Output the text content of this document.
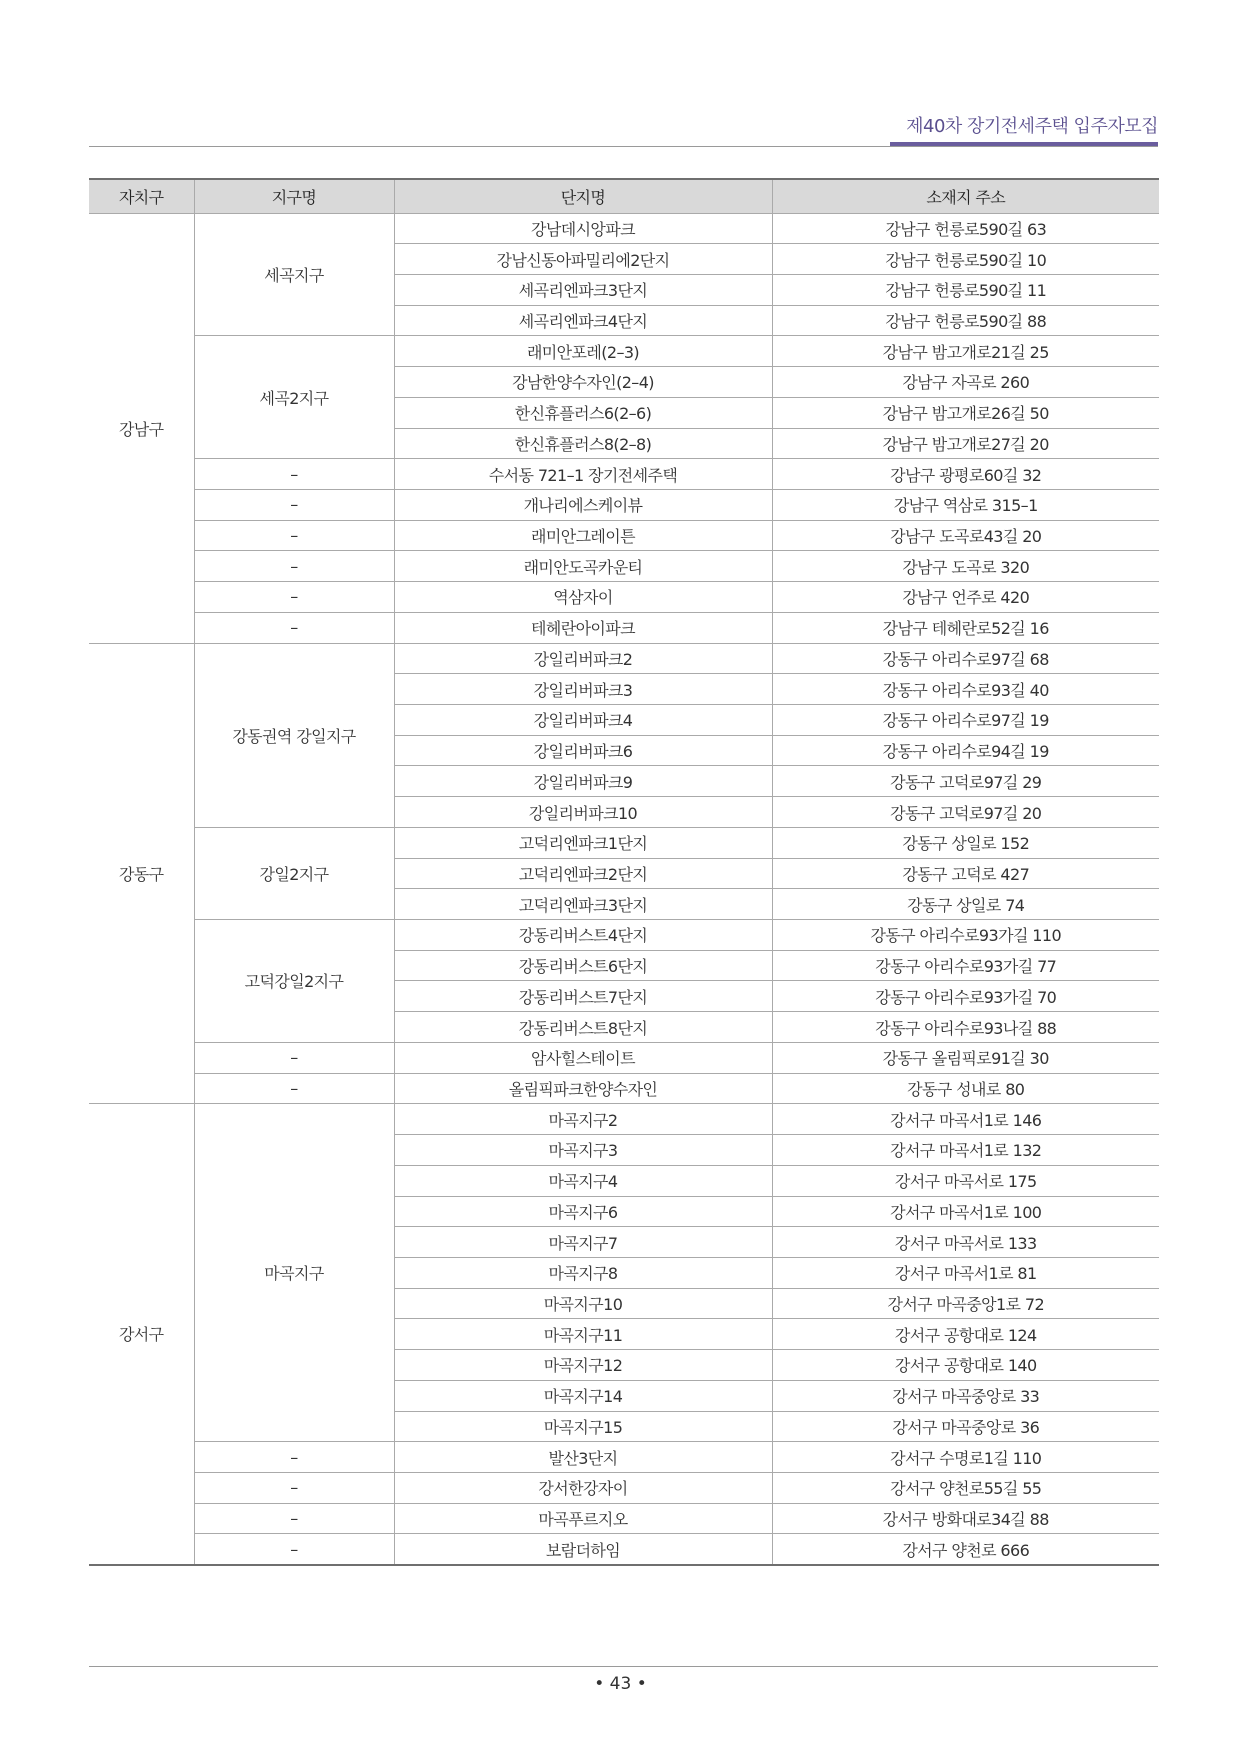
제40차 장기전세주택 입주자모집
자치구	지구명	단지명	소재지 주소
강남구	세곡지구	강남데시앙파크	강남구 헌릉로590길 63
		강남신동아파밀리에2단지	강남구 헌릉로590길 10
		세곡리엔파크3단지	강남구 헌릉로590길 11
		세곡리엔파크4단지	강남구 헌릉로590길 88
	세곡2지구	래미안포레(2–3)	강남구 밤고개로21길 25
		강남한양수자인(2–4)	강남구 자곡로 260
		한신휴플러스6(2–6)	강남구 밤고개로26길 50
		한신휴플러스8(2–8)	강남구 밤고개로27길 20
	–	수서동 721–1 장기전세주택	강남구 광평로60길 32
	–	개나리에스케이뷰	강남구 역삼로 315–1
	–	래미안그레이튼	강남구 도곡로43길 20
	–	래미안도곡카운티	강남구 도곡로 320
	–	역삼자이	강남구 언주로 420
	–	테헤란아이파크	강남구 테헤란로52길 16
강동구	강동권역 강일지구	강일리버파크2	강동구 아리수로97길 68
		강일리버파크3	강동구 아리수로93길 40
		강일리버파크4	강동구 아리수로97길 19
		강일리버파크6	강동구 아리수로94길 19
		강일리버파크9	강동구 고덕로97길 29
		강일리버파크10	강동구 고덕로97길 20
	강일2지구	고덕리엔파크1단지	강동구 상일로 152
		고덕리엔파크2단지	강동구 고덕로 427
		고덕리엔파크3단지	강동구 상일로 74
	고덕강일2지구	강동리버스트4단지	강동구 아리수로93가길 110
		강동리버스트6단지	강동구 아리수로93가길 77
		강동리버스트7단지	강동구 아리수로93가길 70
		강동리버스트8단지	강동구 아리수로93나길 88
	–	암사힐스테이트	강동구 올림픽로91길 30
	–	올림픽파크한양수자인	강동구 성내로 80
강서구	마곡지구	마곡지구2	강서구 마곡서1로 146
		마곡지구3	강서구 마곡서1로 132
		마곡지구4	강서구 마곡서로 175
		마곡지구6	강서구 마곡서1로 100
		마곡지구7	강서구 마곡서로 133
		마곡지구8	강서구 마곡서1로 81
		마곡지구10	강서구 마곡중앙1로 72
		마곡지구11	강서구 공항대로 124
		마곡지구12	강서구 공항대로 140
		마곡지구14	강서구 마곡중앙로 33
		마곡지구15	강서구 마곡중앙로 36
	–	발산3단지	강서구 수명로1길 110
	–	강서한강자이	강서구 양천로55길 55
	–	마곡푸르지오	강서구 방화대로34길 88
	–	보람더하임	강서구 양천로 666
• 43 •
